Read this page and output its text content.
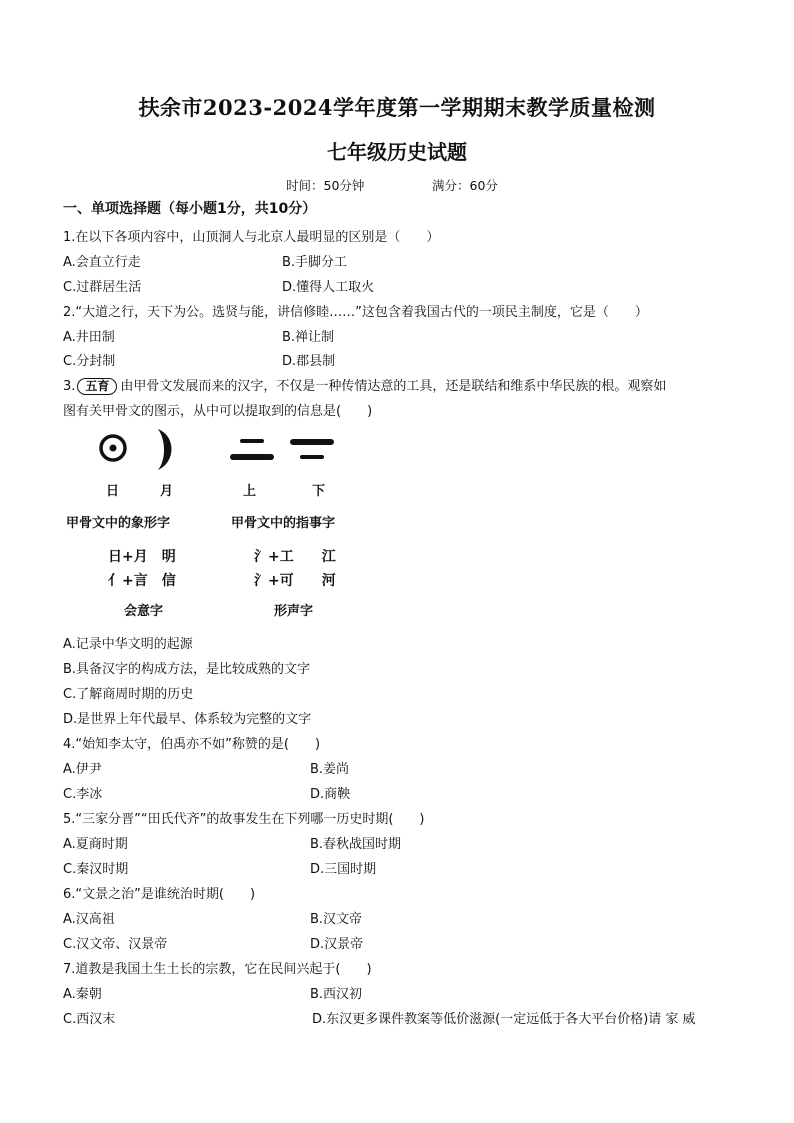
扶余市2023-2024学年度第一学期期末教学质量检测
七年级历史试题
时间：50分钟	满分：60分
一、单项选择题（每小题1分，共10分）
1.在以下各项内容中，山顶洞人与北京人最明显的区别是（　　）
A.会直立行走	B.手脚分工
C.过群居生活	D.懂得人工取火
2.“大道之行，天下为公。选贤与能，讲信修睦……”这包含着我国古代的一项民主制度，它是（　　）
A.井田制	B.禅让制
C.分封制	D.郡县制
3. 五育 由甲骨文发展而来的汉字，不仅是一种传情达意的工具，还是联结和维系中华民族的根。观察如
图有关甲骨文的图示，从中可以提取到的信息是(　　)
日	月	上	下
甲骨文中的象形字	甲骨文中的指事字
日+月　明
亻+言　信
氵+工　　江
氵+可　　河
会意字	形声字
A.记录中华文明的起源
B.具备汉字的构成方法，是比较成熟的文字
C.了解商周时期的历史
D.是世界上年代最早、体系较为完整的文字
4.“始知李太守，伯禹亦不如”称赞的是(　　)
A.伊尹	B.姜尚
C.李冰	D.商鞅
5.“三家分晋”“田氏代齐”的故事发生在下列哪一历史时期(　　)
A.夏商时期	B.春秋战国时期
C.秦汉时期	D.三国时期
6.“文景之治”是谁统治时期(　　)
A.汉高祖	B.汉文帝
C.汉文帝、汉景帝	D.汉景帝
7.道教是我国土生土长的宗教，它在民间兴起于(　　)
A.秦朝	B.西汉初
C.西汉末	D.东汉更多课件教案等低价滋源(一定远低于各大平台价格)请 家 威
